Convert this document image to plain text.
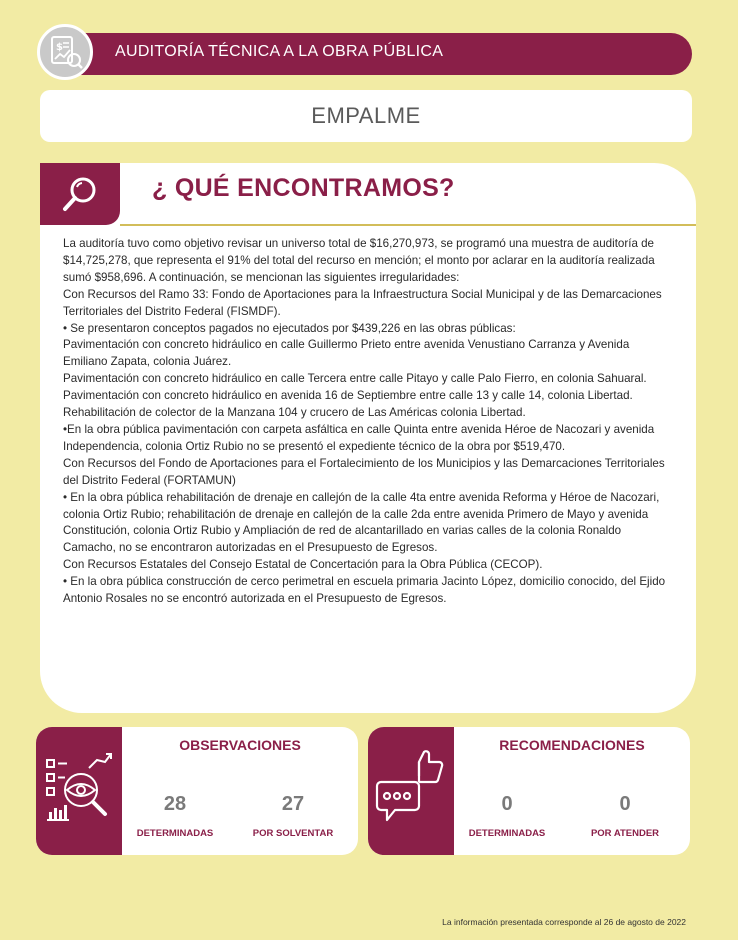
AUDITORÍA TÉCNICA A LA OBRA PÚBLICA
$
EMPALME
¿ QUÉ ENCONTRAMOS?

La auditoría tuvo como objetivo revisar un universo total de $16,270,973, se programó una muestra de auditoría de $14,725,278, que representa el 91% del total del recurso en mención; el monto por aclarar en la auditoría realizada sumó $958,696. A continuación, se mencionan las siguientes irregularidades:

Con Recursos del Ramo 33: Fondo de Aportaciones para la Infraestructura Social Municipal y de las Demarcaciones Territoriales del Distrito Federal (FISMDF).

• Se presentaron conceptos pagados no ejecutados por $439,226 en las obras públicas:

Pavimentación con concreto hidráulico en calle Guillermo Prieto entre avenida Venustiano Carranza y Avenida Emiliano Zapata, colonia Juárez.

Pavimentación con concreto hidráulico en calle Tercera entre calle Pitayo y calle Palo Fierro, en colonia Sahuaral.

Pavimentación con concreto hidráulico en avenida 16 de Septiembre entre calle 13 y calle 14, colonia Libertad.

Rehabilitación de colector de la Manzana 104 y crucero de Las Américas colonia Libertad.

•En la obra pública pavimentación con carpeta asfáltica en calle Quinta entre avenida Héroe de Nacozari y avenida Independencia, colonia Ortiz Rubio no se presentó el expediente técnico de la obra por $519,470.

Con Recursos del Fondo de Aportaciones para el Fortalecimiento de los Municipios y las Demarcaciones Territoriales del Distrito Federal (FORTAMUN)

• En la obra pública rehabilitación de drenaje en callejón de la calle 4ta entre avenida Reforma y Héroe de Nacozari, colonia Ortiz Rubio; rehabilitación de drenaje en callejón de la calle 2da entre avenida Primero de Mayo y avenida Constitución, colonia Ortiz Rubio y Ampliación de red de alcantarillado en varias calles de la colonia Ronaldo Camacho, no se encontraron autorizadas en el Presupuesto de Egresos.

Con Recursos Estatales del Consejo Estatal de Concertación para la Obra Pública (CECOP).

• En la obra pública construcción de cerco perimetral en escuela primaria Jacinto López, domicilio conocido, del Ejido Antonio Rosales no se encontró autorizada en el Presupuesto de Egresos.

OBSERVACIONES
28	27
DETERMINADAS	POR SOLVENTAR
RECOMENDACIONES
0	0
DETERMINADAS	POR ATENDER
La información presentada corresponde al 26 de agosto de 2022
